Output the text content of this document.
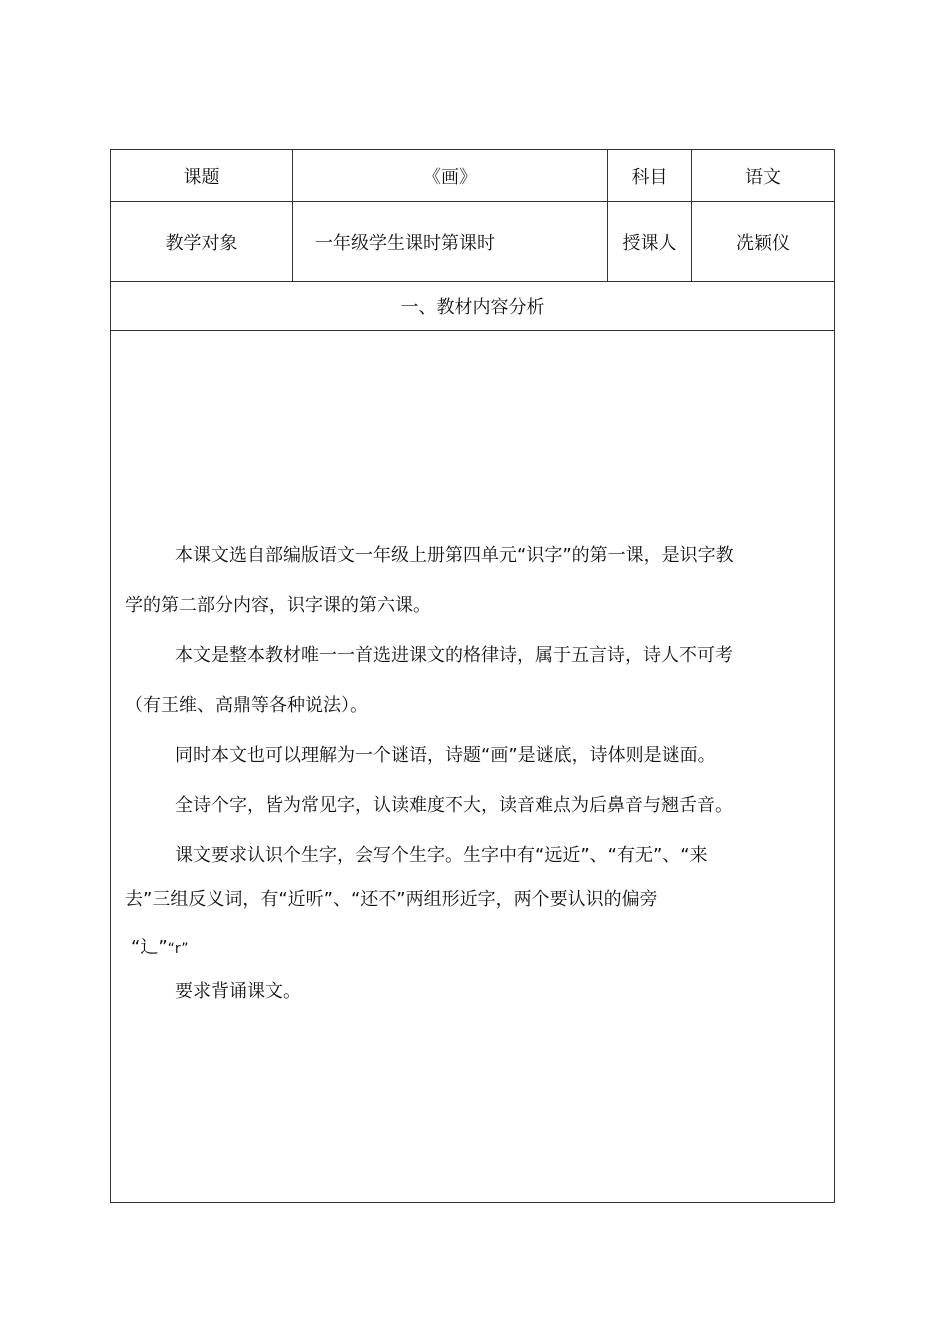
课题	《画》	科目	语文
教学对象	一年级学生课时第课时	授课人	冼颖仪
一、教材内容分析

本课文选自部编版语文一年级上册第四单元“识字”的第一课，是识字教

学的第二部分内容，识字课的第六课。

本文是整本教材唯一一首选进课文的格律诗，属于五言诗，诗人不可考

（有王维、高鼎等各种说法）。

同时本文也可以理解为一个谜语，诗题“画”是谜底，诗体则是谜面。

全诗个字，皆为常见字，认读难度不大，读音难点为后鼻音与翘舌音。

课文要求认识个生字，会写个生字。生字中有“远近”、“有无”、“来

去”三组反义词，有“近听”、“还不”两组形近字，两个要认识的偏旁

“辶”“r”

要求背诵课文。
